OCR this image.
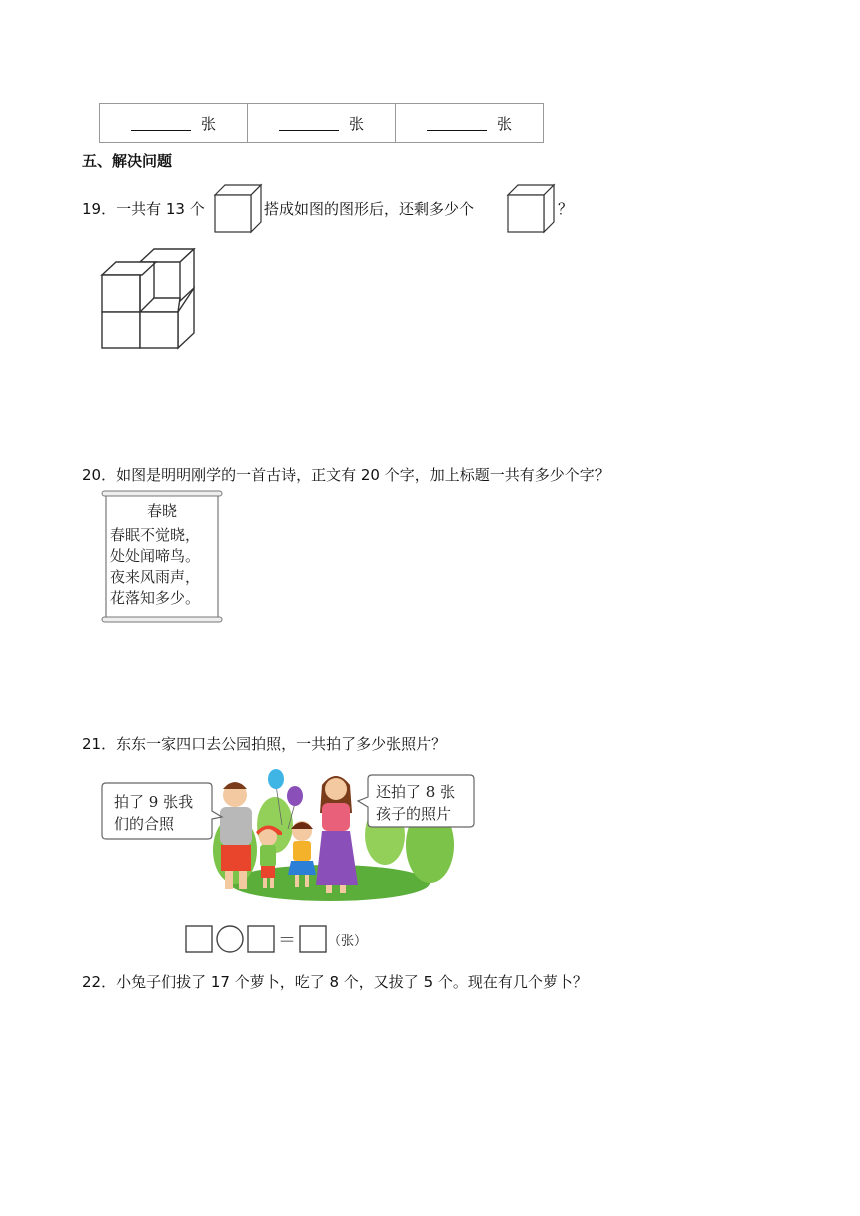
张	张	张
五、解决问题
19．一共有 13 个	搭成如图的图形后，还剩多少个	？
20．如图是明明刚学的一首古诗，正文有 20 个字，加上标题一共有多少个字？
春晓
春眠不觉晓，
处处闻啼鸟。
夜来风雨声，
花落知多少。
21．东东一家四口去公园拍照，一共拍了多少张照片？
拍了 9 张我
们的合照
还拍了 8 张
孩子的照片
＝ （张）
22．小兔子们拔了 17 个萝卜，吃了 8 个，又拔了 5 个。现在有几个萝卜？
